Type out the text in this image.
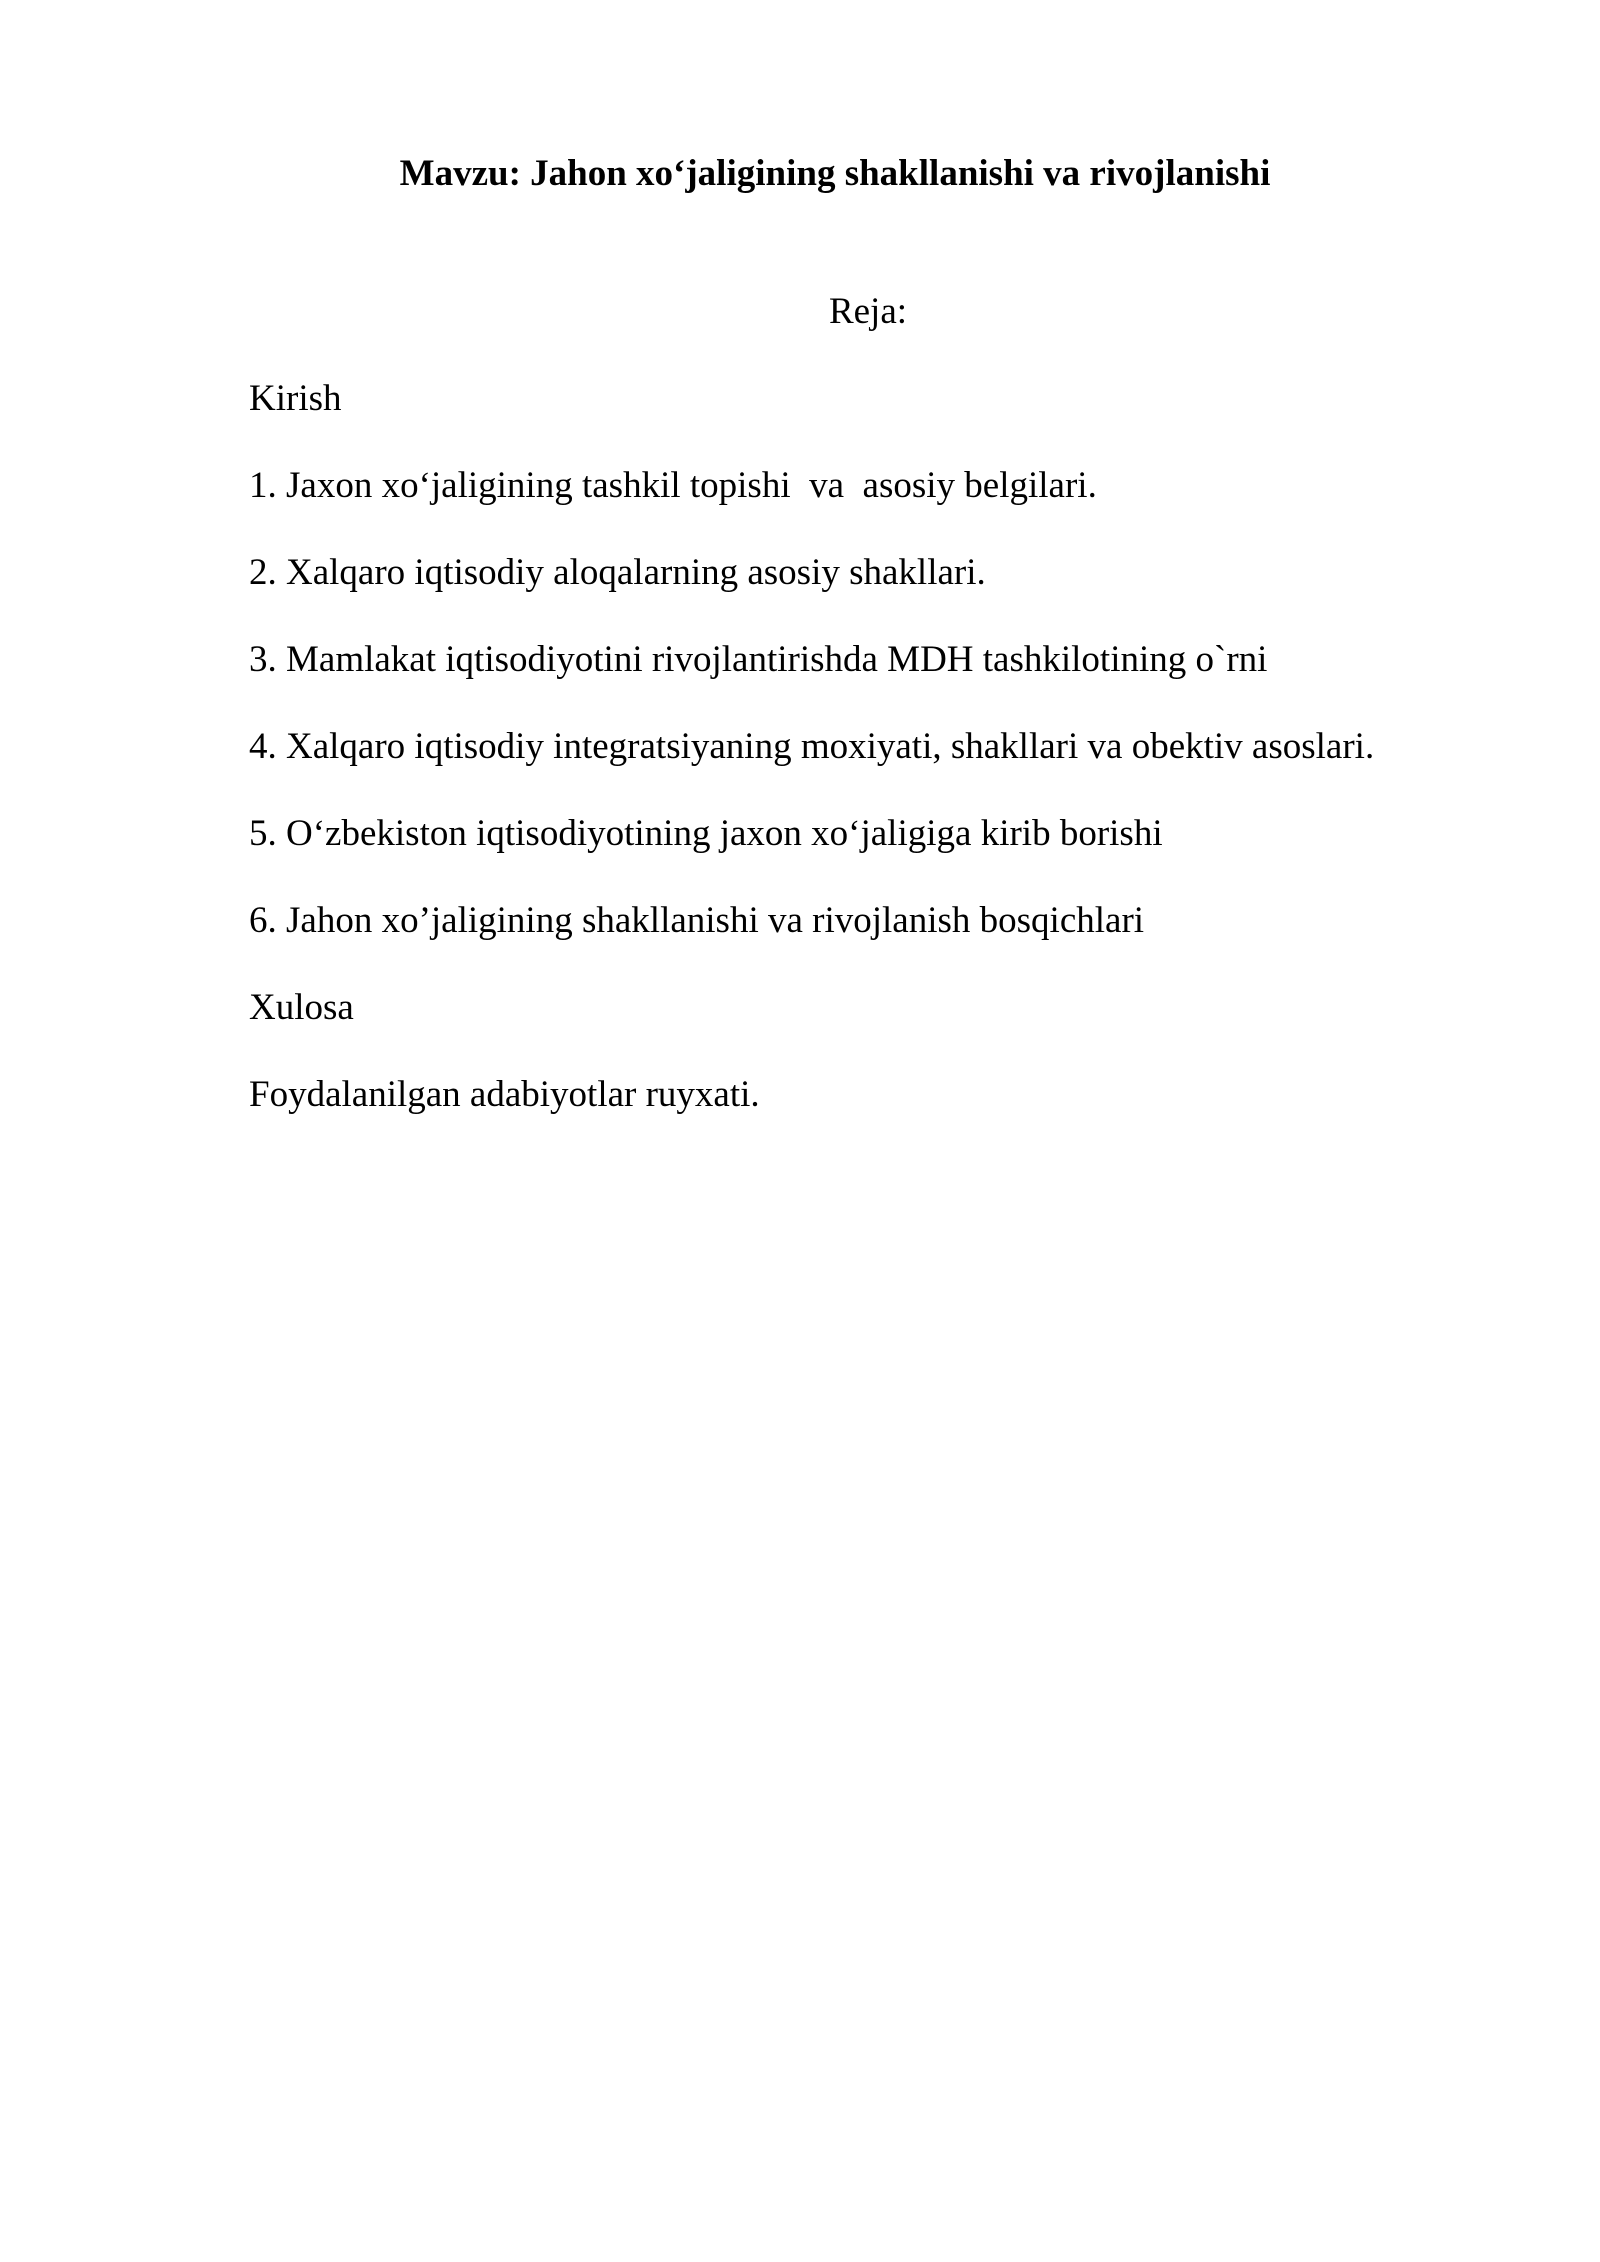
Mavzu: Jahon xo‘jaligining shakllanishi va rivojlanishi
Reja:
Kirish
1. Jaxon xo‘jaligining tashkil topishi  va  asosiy belgilari.
2. Xalqaro iqtisodiy aloqalarning asosiy shakllari.
3. Mamlakat iqtisodiyotini rivojlantirishda MDH tashkilotining o`rni
4. Xalqaro iqtisodiy integratsiyaning moxiyati, shakllari va obektiv asoslari.
5. O‘zbekiston iqtisodiyotining jaxon xo‘jaligiga kirib borishi
6. Jahon xo’jaligining shakllanishi va rivojlanish bosqichlari
Xulosa
Foydalanilgan adabiyotlar ruyxati.
